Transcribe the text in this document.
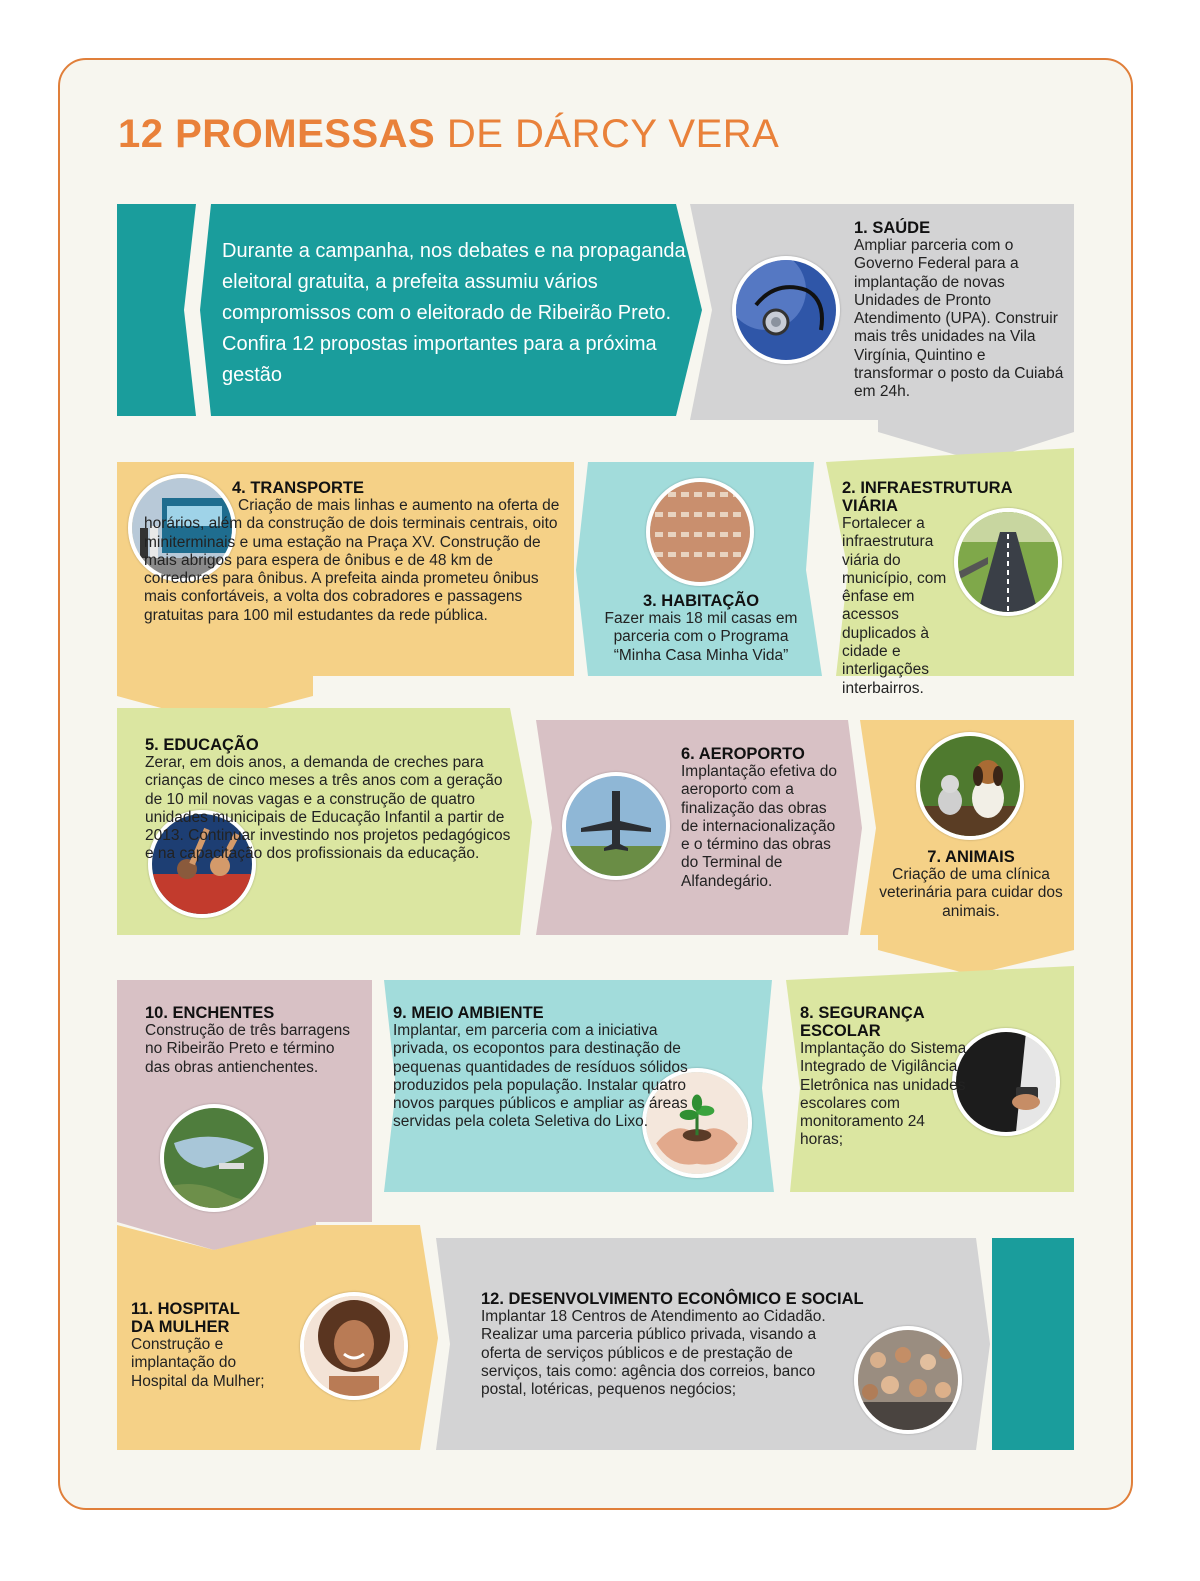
12 PROMESSAS DE DÁRCY VERA
Durante a campanha, nos debates e na propaganda eleitoral gratuita, a prefeita assumiu vários compromissos com o eleitorado de Ribeirão Preto. Confira 12 propostas importantes para a próxima gestão
1. SAÚDE

Ampliar parceria com o Governo Federal para a implantação de novas Unidades de Pronto Atendimento (UPA). Construir mais três unidades na Vila Virgínia, Quintino e transformar o posto da Cuiabá em 24h.

4. TRANSPORTE

Criação de mais linhas e aumento na oferta de horários, além da construção de dois terminais centrais, oito miniterminais e uma estação na Praça XV. Construção de mais abrigos para espera de ônibus e de 48 km de corredores para ônibus. A prefeita ainda prometeu ônibus mais confortáveis, a volta dos cobradores e passagens gratuitas para 100 mil estudantes da rede pública.

3. HABITAÇÃO

Fazer mais 18 mil casas em parceria com o Programa “Minha Casa Minha Vida”

2. INFRAESTRUTURA VIÁRIA

Fortalecer a infraestrutura viária do município, com ênfase em acessos duplicados à cidade e interligações interbairros.

5. EDUCAÇÃO

Zerar, em dois anos, a demanda de creches para crianças de cinco meses a três anos com a geração de 10 mil novas vagas e a construção de quatro unidades municipais de Educação Infantil a partir de 2013. Continuar investindo nos projetos pedagógicos e na capacitação dos profissionais da educação.

6. AEROPORTO

Implantação efetiva do aeroporto com a finalização das obras de internacionalização e o término das obras do Terminal de Alfandegário.

7. ANIMAIS

Criação de uma clínica veterinária para cuidar dos animais.

10. ENCHENTES

Construção de três barragens no Ribeirão Preto e término das obras antienchentes.

9. MEIO AMBIENTE

Implantar, em parceria com a iniciativa privada, os ecopontos para destinação de pequenas quantidades de resíduos sólidos produzidos pela população. Instalar quatro novos parques públicos e ampliar as áreas servidas pela coleta Seletiva do Lixo.

8. SEGURANÇA ESCOLAR

Implantação do Sistema Integrado de Vigilância Eletrônica nas unidades escolares com monitoramento 24 horas;

11. HOSPITAL DA MULHER

Construção e implantação do Hospital da Mulher;

12. DESENVOLVIMENTO ECONÔMICO E SOCIAL

Implantar 18 Centros de Atendimento ao Cidadão. Realizar uma parceria público privada, visando a oferta de serviços públicos e de prestação de serviços, tais como: agência dos correios, banco postal, lotéricas, pequenos negócios;
